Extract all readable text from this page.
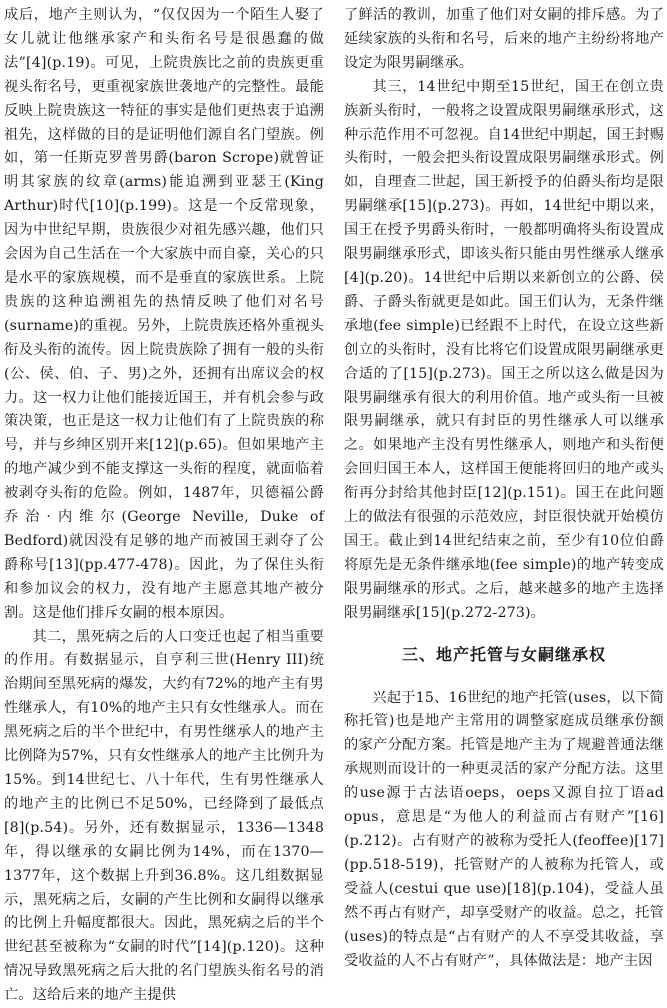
成后，地产主则认为，“仅仅因为一个陌生人娶了女儿就让他继承家产和头衔名号是很愚蠢的做法”[4](p.19)。可见，上院贵族比之前的贵族更重视头衔名号，更重视家族世袭地产的完整性。最能反映上院贵族这一特征的事实是他们更热衷于追溯祖先，这样做的目的是证明他们源自名门望族。例如，第一任斯克罗普男爵(baron Scrope)就曾证明其家族的纹章(arms)能追溯到亚瑟王(King Arthur)时代[10](p.199)。这是一个反常现象，因为中世纪早期，贵族很少对祖先感兴趣，他们只会因为自己生活在一个大家族中而自豪，关心的只是水平的家族规模，而不是垂直的家族世系。上院贵族的这种追溯祖先的热情反映了他们对名号(surname)的重视。另外，上院贵族还格外重视头衔及头衔的流传。因上院贵族除了拥有一般的头衔(公、侯、伯、子、男)之外，还拥有出席议会的权力。这一权力让他们能接近国王，并有机会参与政策决策，也正是这一权力让他们有了上院贵族的称号，并与乡绅区别开来[12](p.65)。但如果地产主的地产减少到不能支撑这一头衔的程度，就面临着被剥夺头衔的危险。例如，1487年，贝德福公爵乔治·内维尔(George Neville, Duke of Bedford)就因没有足够的地产而被国王剥夺了公爵称号[13](pp.477-478)。因此，为了保住头衔和参加议会的权力，没有地产主愿意其地产被分割。这是他们排斥女嗣的根本原因。

其二，黑死病之后的人口变迁也起了相当重要的作用。有数据显示，自亨利三世(Henry III)统治期间至黑死病的爆发，大约有72%的地产主有男性继承人，有10%的地产主只有女性继承人。而在黑死病之后的半个世纪中，有男性继承人的地产主比例降为57%，只有女性继承人的地产主比例升为15%。到14世纪七、八十年代，生有男性继承人的地产主的比例已不足50%，已经降到了最低点[8](p.54)。另外，还有数据显示，1336—1348年，得以继承的女嗣比例为14%，而在1370—1377年，这个数据上升到36.8%。这几组数据显示，黑死病之后，女嗣的产生比例和女嗣得以继承的比例上升幅度都很大。因此，黑死病之后的半个世纪甚至被称为“女嗣的时代”[14](p.120)。这种情况导致黑死病之后大批的名门望族头衔名号的消亡。这给后来的地产主提供

了鲜活的教训，加重了他们对女嗣的排斥感。为了延续家族的头衔和名号，后来的地产主纷纷将地产设定为限男嗣继承。

其三，14世纪中期至15世纪，国王在创立贵族新头衔时，一般将之设置成限男嗣继承形式，这种示范作用不可忽视。自14世纪中期起，国王封赐头衔时，一般会把头衔设置成限男嗣继承形式。例如，自理查二世起，国王新授予的伯爵头衔均是限男嗣继承[15](p.273)。再如，14世纪中期以来，国王在授予男爵头衔时，一般都明确将头衔设置成限男嗣继承形式，即该头衔只能由男性继承人继承[4](p.20)。14世纪中后期以来新创立的公爵、侯爵、子爵头衔就更是如此。国王们认为，无条件继承地(fee simple)已经跟不上时代，在设立这些新创立的头衔时，没有比将它们设置成限男嗣继承更合适的了[15](p.273)。国王之所以这么做是因为限男嗣继承有很大的利用价值。地产或头衔一旦被限男嗣继承，就只有封臣的男性继承人可以继承之。如果地产主没有男性继承人，则地产和头衔便会回归国王本人，这样国王便能将回归的地产或头衔再分封给其他封臣[12](p.151)。国王在此问题上的做法有很强的示范效应，封臣很快就开始模仿国王。截止到14世纪结束之前，至少有10位伯爵将原先是无条件继承地(fee simple)的地产转变成限男嗣继承的形式。之后，越来越多的地产主选择限男嗣继承[15](p.272-273)。

三、地产托管与女嗣继承权

兴起于15、16世纪的地产托管(uses，以下简称托管)也是地产主常用的调整家庭成员继承份额的家产分配方案。托管是地产主为了规避普通法继承规则而设计的一种更灵活的家产分配方法。这里的use源于古法语oeps，oeps又源自拉丁语ad opus，意思是“为他人的利益而占有财产”[16](p.212)。占有财产的被称为受托人(feoffee)[17](pp.518-519)，托管财产的人被称为托管人，或受益人(cestui que use)[18](p.104)，受益人虽然不再占有财产，却享受财产的收益。总之，托管(uses)的特点是“占有财产的人不享受其收益，享受收益的人不占有财产”，具体做法是：地产主因
